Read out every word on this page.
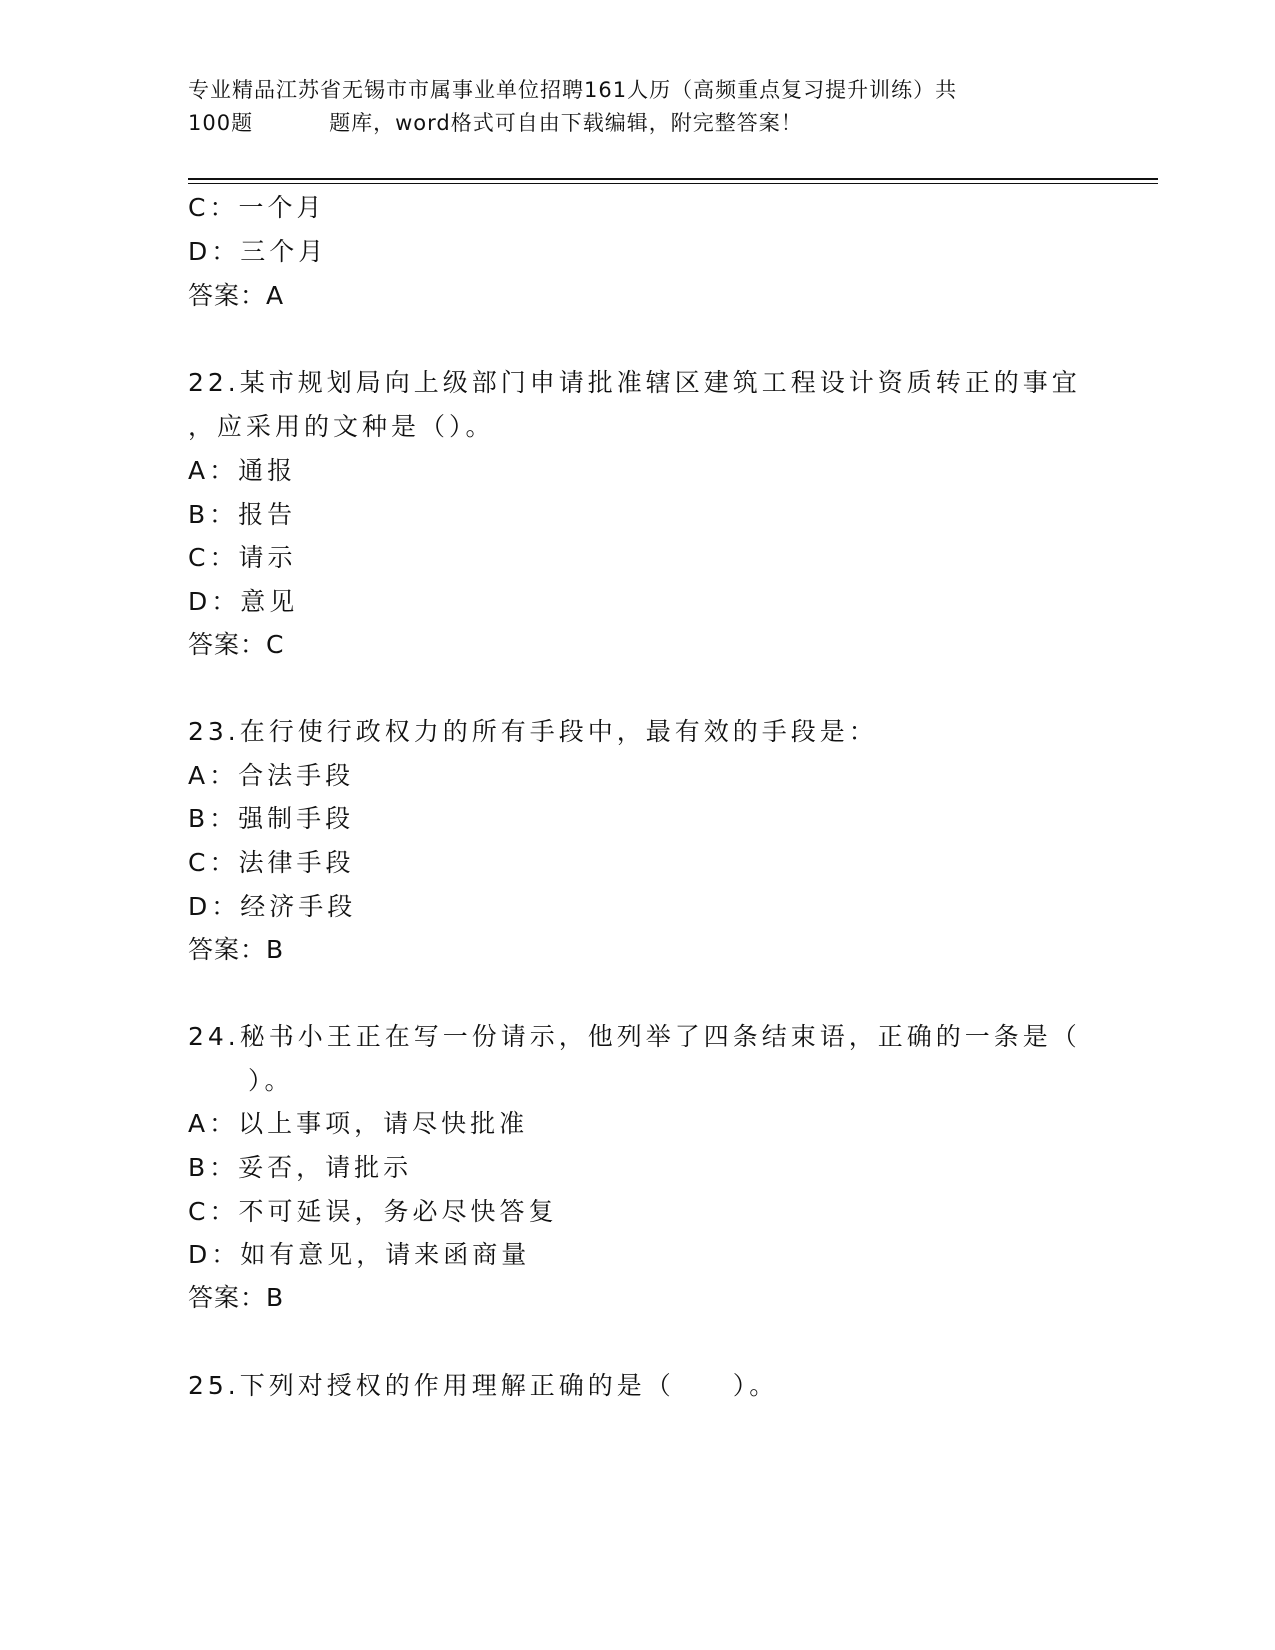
专业精品江苏省无锡市市属事业单位招聘161人历（高频重点复习提升训练）共
100题	题库，word格式可自由下载编辑，附完整答案！
C：一个月
D：三个月
答案：A
22.某市规划局向上级部门申请批准辖区建筑工程设计资质转正的事宜
，应采用的文种是（）。
A：通报
B：报告
C：请示
D：意见
答案：C
23.在行使行政权力的所有手段中，最有效的手段是：
A：合法手段
B：强制手段
C：法律手段
D：经济手段
答案：B
24.秘书小王正在写一份请示，他列举了四条结束语，正确的一条是（
）。
A：以上事项，请尽快批准
B：妥否，请批示
C：不可延误，务必尽快答复
D：如有意见，请来函商量
答案：B
25.下列对授权的作用理解正确的是（　　）。
